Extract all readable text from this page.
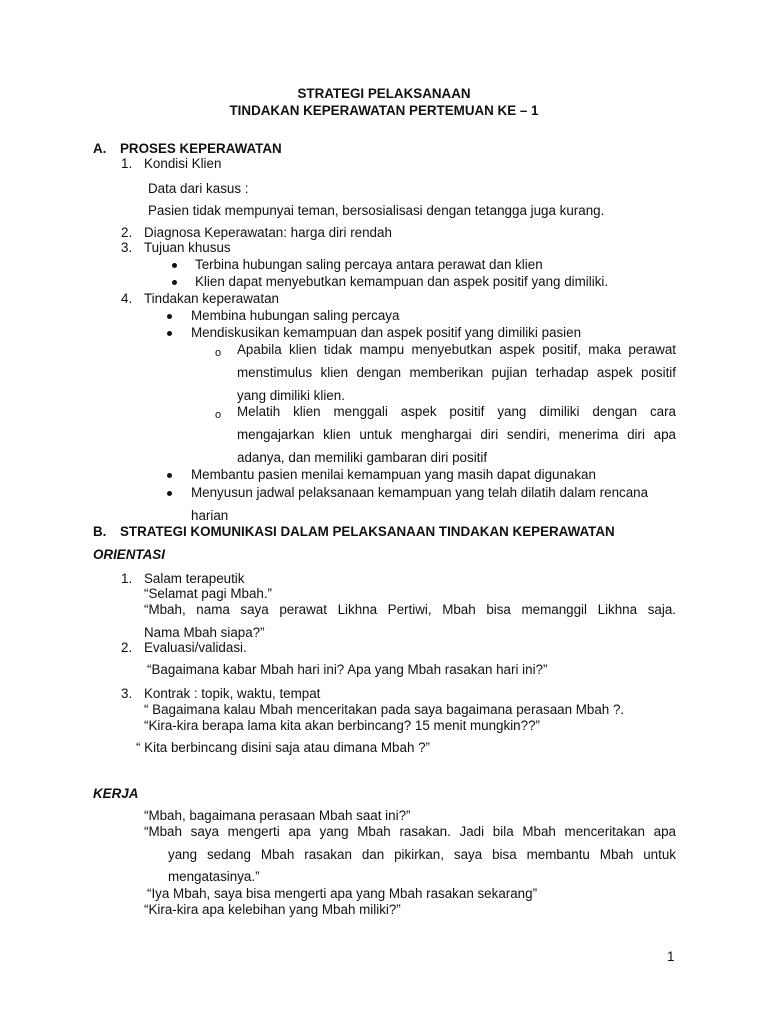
STRATEGI PELAKSANAAN
TINDAKAN KEPERAWATAN PERTEMUAN KE – 1
A. PROSES KEPERAWATAN
1. Kondisi Klien
Data dari kasus :
Pasien tidak mempunyai teman, bersosialisasi dengan tetangga juga kurang.
2. Diagnosa Keperawatan: harga diri rendah
3. Tujuan khusus
Terbina hubungan saling percaya antara perawat dan klien
Klien dapat menyebutkan kemampuan dan aspek positif yang dimiliki.
4. Tindakan keperawatan
Membina hubungan saling percaya
Mendiskusikan kemampuan dan aspek positif yang dimiliki pasien
o Apabila klien tidak mampu menyebutkan aspek positif, maka perawat
menstimulus klien dengan memberikan pujian terhadap aspek positif
yang dimiliki klien.
o Melatih klien menggali aspek positif yang dimiliki dengan cara
mengajarkan klien untuk menghargai diri sendiri, menerima diri apa
adanya, dan memiliki gambaran diri positif
Membantu pasien menilai kemampuan yang masih dapat digunakan
Menyusun jadwal pelaksanaan kemampuan yang telah dilatih dalam rencana
harian
B. STRATEGI KOMUNIKASI DALAM PELAKSANAAN TINDAKAN KEPERAWATAN
ORIENTASI
1. Salam terapeutik
“Selamat pagi Mbah.”
“Mbah, nama saya perawat Likhna Pertiwi, Mbah bisa memanggil Likhna saja.
Nama Mbah siapa?”
2. Evaluasi/validasi.
“Bagaimana kabar Mbah hari ini? Apa yang Mbah rasakan hari ini?”
3. Kontrak : topik, waktu, tempat
“ Bagaimana kalau Mbah menceritakan pada saya bagaimana perasaan Mbah ?.
“Kira-kira berapa lama kita akan berbincang? 15 menit mungkin??”
“ Kita berbincang disini saja atau dimana Mbah ?”
KERJA
“Mbah, bagaimana perasaan Mbah saat ini?”
“Mbah saya mengerti apa yang Mbah rasakan. Jadi bila Mbah menceritakan apa
yang sedang Mbah rasakan dan pikirkan, saya bisa membantu Mbah untuk
mengatasinya.”
“Iya Mbah, saya bisa mengerti apa yang Mbah rasakan sekarang”
“Kira-kira apa kelebihan yang Mbah miliki?”
1
